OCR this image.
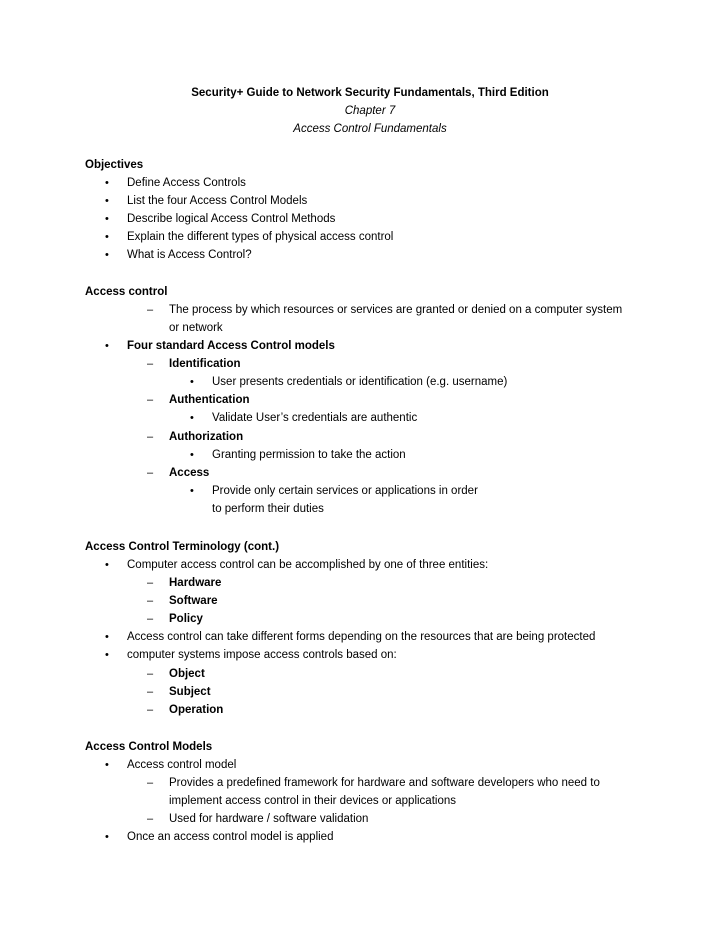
Security+ Guide to Network Security Fundamentals, Third Edition
Chapter 7
Access Control Fundamentals
Objectives
• Define Access Controls
• List the four Access Control Models
• Describe logical Access Control Methods
• Explain the different types of physical access control
• What is Access Control?
Access control
– The process by which resources or services are granted or denied on a computer system
or network
• Four standard Access Control models
– Identification
• User presents credentials or identification (e.g. username)
– Authentication
• Validate User’s credentials are authentic
– Authorization
• Granting permission to take the action
– Access
• Provide only certain services or applications in order
to perform their duties
Access Control Terminology (cont.)
• Computer access control can be accomplished by one of three entities:
– Hardware
– Software
– Policy
• Access control can take different forms depending on the resources that are being protected
• computer systems impose access controls based on:
– Object
– Subject
– Operation
Access Control Models
• Access control model
– Provides a predefined framework for hardware and software developers who need to
implement access control in their devices or applications
– Used for hardware / software validation
• Once an access control model is applied
